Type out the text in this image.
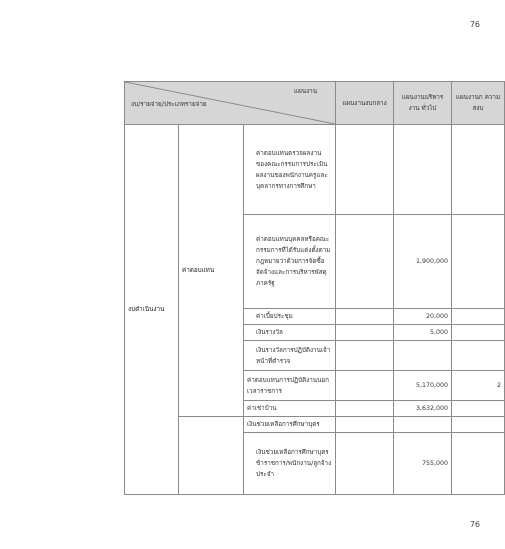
76
แผนงาน
งบ/รายจ่าย/ประเภทรายจ่าย			แผนงานงบกลาง	แผนงานบริหารงาน ทั่วไป	แผนงานก ความสงบ
งบดำเนินงาน	ค่าตอบแทน	ค่าตอบแทนตรวจผลงานของคณะกรรมการประเมินผลงานของพนักงานครูและบุคลากรทางการศึกษา			
		ค่าตอบแทนบุคคลหรือคณะกรรมการที่ได้รับแต่งตั้งตามกฎหมายว่าด้วยการจัดซื้อจัดจ้างและการบริหารพัสดุภาครัฐ		1,900,000	
		ค่าเบี้ยประชุม		20,000	
		เงินรางวัล		5,000	
		เงินรางวัลการปฏิบัติงานเจ้าหน้าที่ตำรวจ			
		ค่าตอบแทนการปฏิบัติงานนอกเวลาราชการ		5,170,000	2
		ค่าเช่าบ้าน		3,632,000	
		เงินช่วยเหลือการศึกษาบุตร			
		เงินช่วยเหลือการศึกษาบุตรข้าราชการ/พนักงาน/ลูกจ้างประจำ		755,000	
76
